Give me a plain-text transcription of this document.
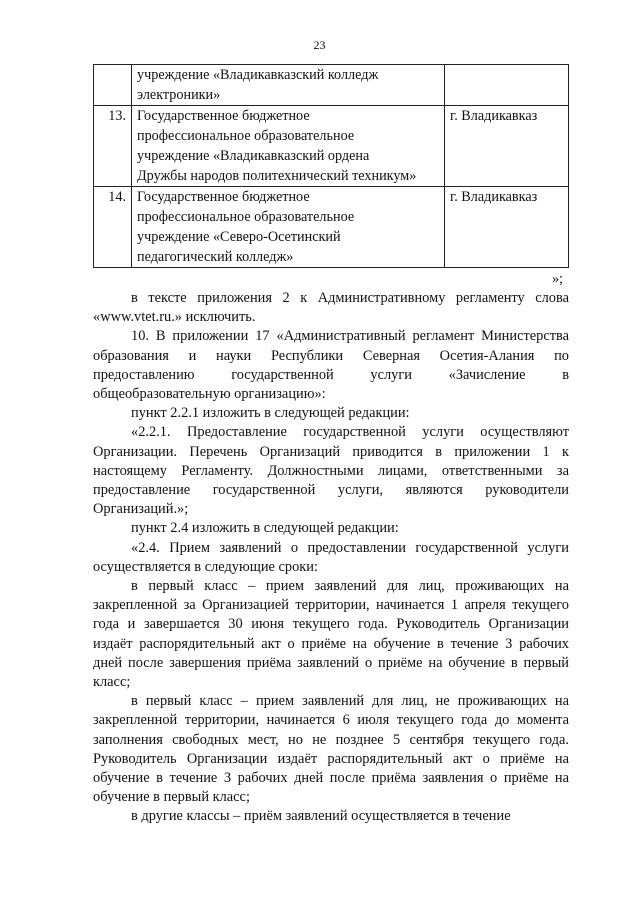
23

	учреждение «Владикавказский колледж
электроники»	

13.	Государственное бюджетное
профессиональное образовательное
учреждение «Владикавказский ордена
Дружбы народов политехнический техникум»	г. Владикавказ
14.	Государственное бюджетное
профессиональное образовательное
учреждение «Северо-Осетинский
педагогический колледж»	г. Владикавказ
»;

в тексте приложения 2 к Административному регламенту слова «www.vtet.ru.» исключить.

10. В приложении 17 «Административный регламент Министерства образования и науки Республики Северная Осетия-Алания по предоставлению государственной услуги «Зачисление в общеобразовательную организацию»:

пункт 2.2.1 изложить в следующей редакции:

«2.2.1. Предоставление государственной услуги осуществляют Организации. Перечень Организаций приводится в приложении 1 к настоящему Регламенту. Должностными лицами, ответственными за предоставление государственной услуги, являются руководители Организаций.»;

пункт 2.4 изложить в следующей редакции:

«2.4. Прием заявлений о предоставлении государственной услуги осуществляется в следующие сроки:

в первый класс – прием заявлений для лиц, проживающих на закрепленной за Организацией территории, начинается 1 апреля текущего года и завершается 30 июня текущего года. Руководитель Организации издаёт распорядительный акт о приёме на обучение в течение 3 рабочих дней после завершения приёма заявлений о приёме на обучение в первый класс;

в первый класс – прием заявлений для лиц, не проживающих на закрепленной территории, начинается 6 июля текущего года до момента заполнения свободных мест, но не позднее 5 сентября текущего года. Руководитель Организации издаёт распорядительный акт о приёме на обучение в течение 3 рабочих дней после приёма заявления о приёме на обучение в первый класс;

в другие классы – приём заявлений осуществляется в течение
